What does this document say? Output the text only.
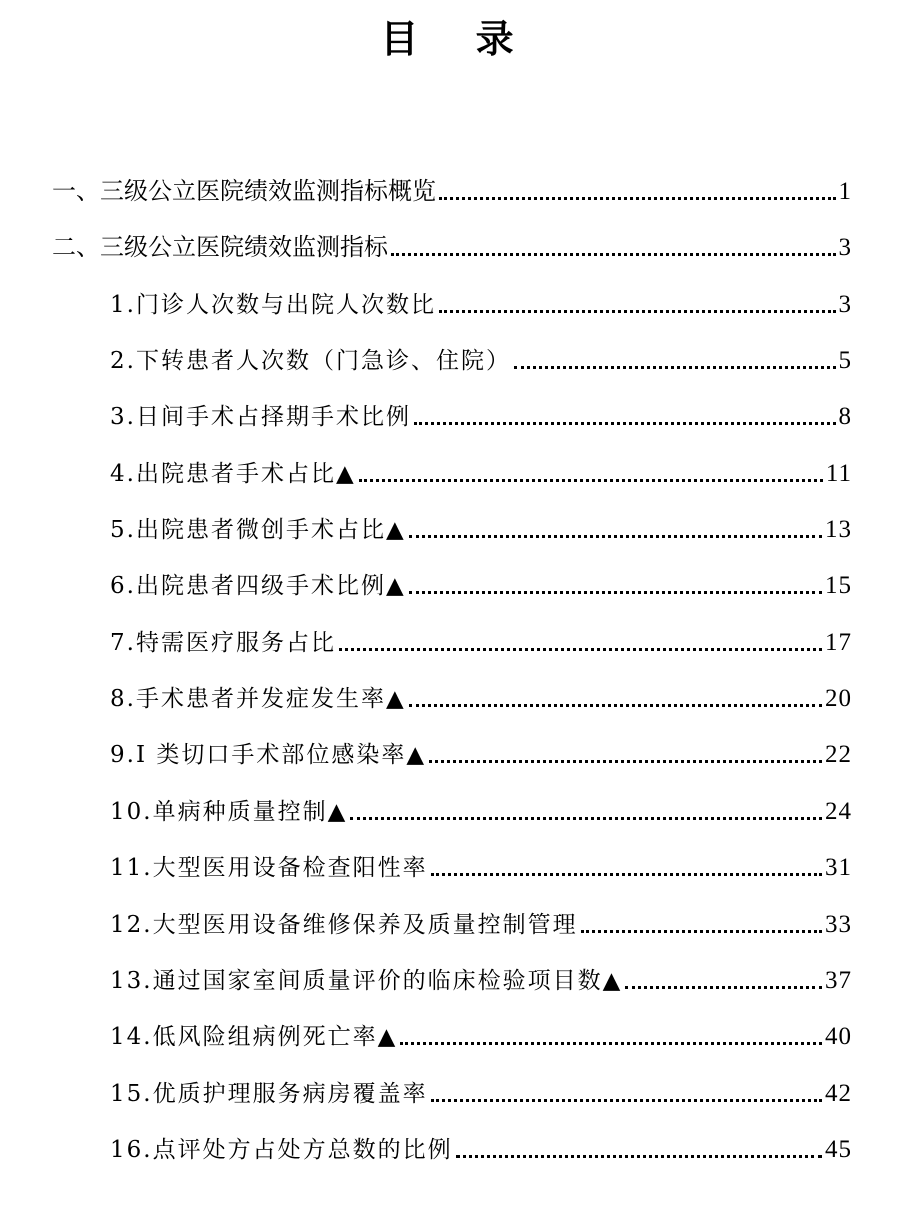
目 录
一、三级公立医院绩效监测指标概览	1
二、三级公立医院绩效监测指标	3
1.门诊人次数与出院人次数比	3
2.下转患者人次数（门急诊、住院）	5
3.日间手术占择期手术比例	8
4.出院患者手术占比▲	11
5.出院患者微创手术占比▲	13
6.出院患者四级手术比例▲	15
7.特需医疗服务占比	17
8.手术患者并发症发生率▲	20
9.I 类切口手术部位感染率▲	22
10.单病种质量控制▲	24
11.大型医用设备检查阳性率	31
12.大型医用设备维修保养及质量控制管理	33
13.通过国家室间质量评价的临床检验项目数▲	37
14.低风险组病例死亡率▲	40
15.优质护理服务病房覆盖率	42
16.点评处方占处方总数的比例	45
